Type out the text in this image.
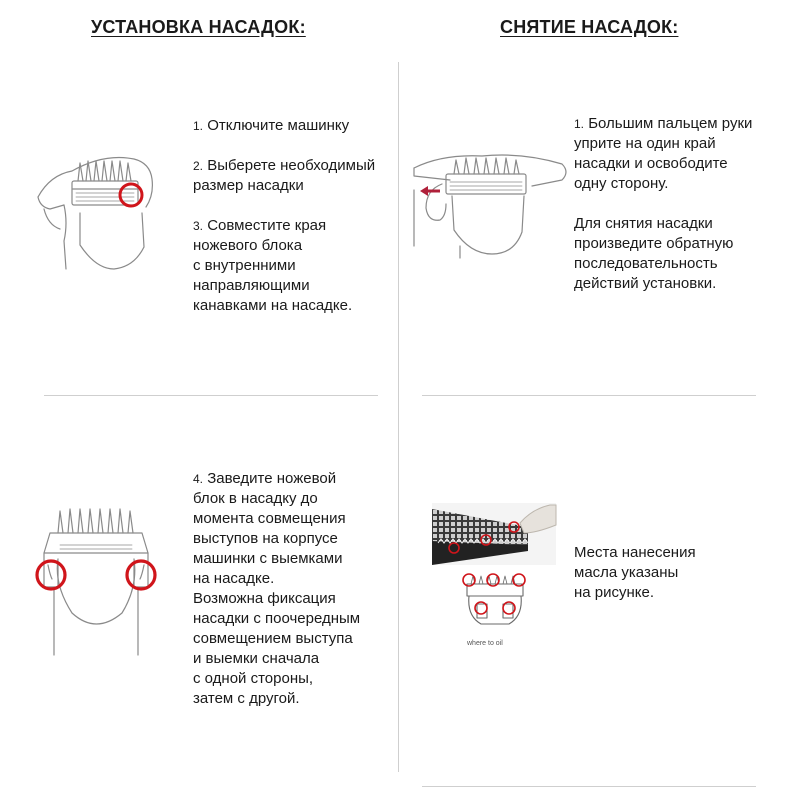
УСТАНОВКА НАСАДОК:	СНЯТИЕ НАСАДОК:

1. Отключите машинку

2. Выберете необходимый
размер насадки

3. Совместите края
ножевого блока
с внутренними
направляющими
канавками на насадке.

1. Большим пальцем руки
уприте на один край
насадки и освободите
одну сторону.

Для снятия насадки
произведите обратную
последовательность
действий установки.

4. Заведите ножевой
блок в насадку до
момента совмещения
выступов на корпусе
машинки с выемками
на насадке.
Возможна фиксация
насадки с поочередным
совмещением выступа
и выемки сначала
с одной стороны,
затем с другой.
where to oil
Места нанесения
масла указаны
на рисунке.
